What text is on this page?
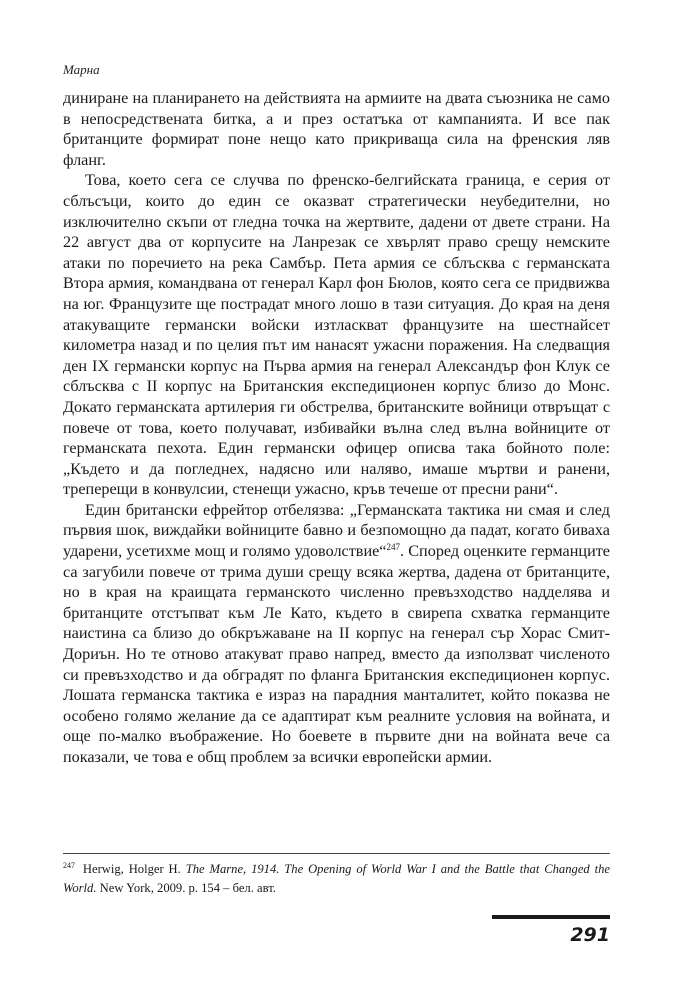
Марна

диниране на планирането на действията на армиите на двата съюзника не само в непосредствената битка, а и през остатъка от кампанията. И все пак британците формират поне нещо като прикриваща сила на френския ляв фланг.

Това, което сега се случва по френско-белгийската граница, е серия от сблъсъци, които до един се оказват стратегически неубедителни, но изключително скъпи от гледна точка на жертвите, дадени от двете страни. На 22 август два от корпусите на Ланрезак се хвърлят право срещу немските атаки по поречието на река Самбър. Пета армия се сблъсква с германската Втора армия, командвана от генерал Карл фон Бюлов, която сега се придвижва на юг. Французите ще пострадат много лошо в тази ситуация. До края на деня атакуващите германски войски изтласкват французите на шестнайсет километра назад и по целия път им нанасят ужасни поражения. На следващия ден IX германски корпус на Първа армия на генерал Александър фон Клук се сблъсква с II корпус на Британския експедиционен корпус близо до Монс. Докато германската артилерия ги обстрелва, британските войници отвръщат с повече от това, което получават, избивайки вълна след вълна войниците от германската пехота. Един германски офицер описва така бойното поле: „Където и да погледнех, надясно или наляво, имаше мъртви и ранени, треперещи в конвулсии, стенещи ужасно, кръв течеше от пресни рани“.

Един британски ефрейтор отбелязва: „Германската тактика ни смая и след първия шок, виждайки войниците бавно и безпомощно да падат, когато биваха ударени, усетихме мощ и голямо удоволствие“$^{247}$. Според оценките германците са загубили повече от трима души срещу всяка жертва, дадена от британците, но в края на краищата германското численно превъзходство надделява и британците отстъпват към Ле Като, където в свирепа схватка германците наистина са близо до обкръжаване на II корпус на генерал сър Хорас Смит-Дориън. Но те отново атакуват право напред, вместо да използват численото си превъзходство и да обградят по фланга Британския експедиционен корпус. Лошата германска тактика е израз на парадния манталитет, който показва не особено голямо желание да се адаптират към реалните условия на войната, и още по-малко въображение. Но боевете в първите дни на войната вече са показали, че това е общ проблем за всички европейски армии.

$^{247}$ Herwig, Holger H. The Marne, 1914. The Opening of World War I and the Battle that Changed the World. New York, 2009. p. 154 – бел. авт.
291
